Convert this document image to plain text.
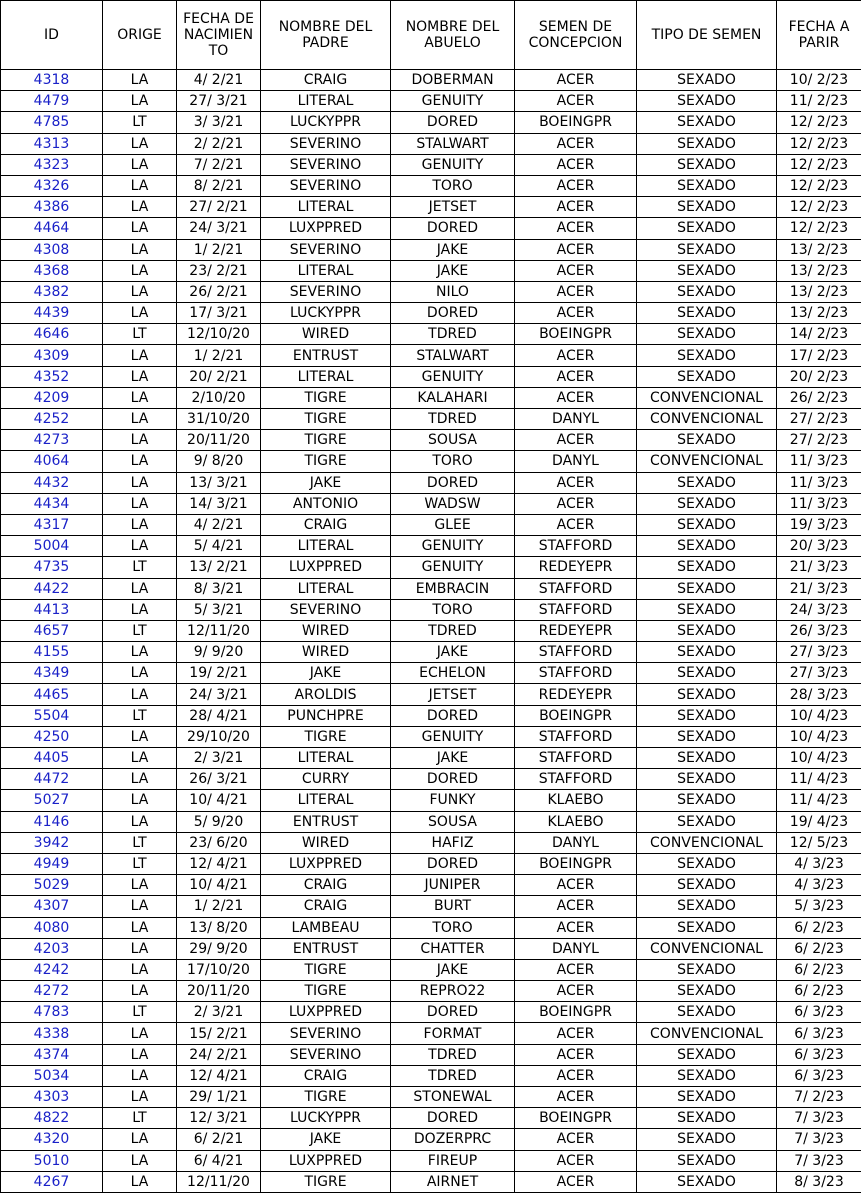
ID	ORIGE	FECHA DE NACIMIEN TO	NOMBRE DEL PADRE	NOMBRE DEL ABUELO	SEMEN DE CONCEPCION	TIPO DE SEMEN	FECHA A PARIR
4318	LA	4/ 2/21	CRAIG	DOBERMAN	ACER	SEXADO	10/ 2/23
4479	LA	27/ 3/21	LITERAL	GENUITY	ACER	SEXADO	11/ 2/23
4785	LT	3/ 3/21	LUCKYPPR	DORED	BOEINGPR	SEXADO	12/ 2/23
4313	LA	2/ 2/21	SEVERINO	STALWART	ACER	SEXADO	12/ 2/23
4323	LA	7/ 2/21	SEVERINO	GENUITY	ACER	SEXADO	12/ 2/23
4326	LA	8/ 2/21	SEVERINO	TORO	ACER	SEXADO	12/ 2/23
4386	LA	27/ 2/21	LITERAL	JETSET	ACER	SEXADO	12/ 2/23
4464	LA	24/ 3/21	LUXPPRED	DORED	ACER	SEXADO	12/ 2/23
4308	LA	1/ 2/21	SEVERINO	JAKE	ACER	SEXADO	13/ 2/23
4368	LA	23/ 2/21	LITERAL	JAKE	ACER	SEXADO	13/ 2/23
4382	LA	26/ 2/21	SEVERINO	NILO	ACER	SEXADO	13/ 2/23
4439	LA	17/ 3/21	LUCKYPPR	DORED	ACER	SEXADO	13/ 2/23
4646	LT	12/10/20	WIRED	TDRED	BOEINGPR	SEXADO	14/ 2/23
4309	LA	1/ 2/21	ENTRUST	STALWART	ACER	SEXADO	17/ 2/23
4352	LA	20/ 2/21	LITERAL	GENUITY	ACER	SEXADO	20/ 2/23
4209	LA	2/10/20	TIGRE	KALAHARI	ACER	CONVENCIONAL	26/ 2/23
4252	LA	31/10/20	TIGRE	TDRED	DANYL	CONVENCIONAL	27/ 2/23
4273	LA	20/11/20	TIGRE	SOUSA	ACER	SEXADO	27/ 2/23
4064	LA	9/ 8/20	TIGRE	TORO	DANYL	CONVENCIONAL	11/ 3/23
4432	LA	13/ 3/21	JAKE	DORED	ACER	SEXADO	11/ 3/23
4434	LA	14/ 3/21	ANTONIO	WADSW	ACER	SEXADO	11/ 3/23
4317	LA	4/ 2/21	CRAIG	GLEE	ACER	SEXADO	19/ 3/23
5004	LA	5/ 4/21	LITERAL	GENUITY	STAFFORD	SEXADO	20/ 3/23
4735	LT	13/ 2/21	LUXPPRED	GENUITY	REDEYEPR	SEXADO	21/ 3/23
4422	LA	8/ 3/21	LITERAL	EMBRACIN	STAFFORD	SEXADO	21/ 3/23
4413	LA	5/ 3/21	SEVERINO	TORO	STAFFORD	SEXADO	24/ 3/23
4657	LT	12/11/20	WIRED	TDRED	REDEYEPR	SEXADO	26/ 3/23
4155	LA	9/ 9/20	WIRED	JAKE	STAFFORD	SEXADO	27/ 3/23
4349	LA	19/ 2/21	JAKE	ECHELON	STAFFORD	SEXADO	27/ 3/23
4465	LA	24/ 3/21	AROLDIS	JETSET	REDEYEPR	SEXADO	28/ 3/23
5504	LT	28/ 4/21	PUNCHPRE	DORED	BOEINGPR	SEXADO	10/ 4/23
4250	LA	29/10/20	TIGRE	GENUITY	STAFFORD	SEXADO	10/ 4/23
4405	LA	2/ 3/21	LITERAL	JAKE	STAFFORD	SEXADO	10/ 4/23
4472	LA	26/ 3/21	CURRY	DORED	STAFFORD	SEXADO	11/ 4/23
5027	LA	10/ 4/21	LITERAL	FUNKY	KLAEBO	SEXADO	11/ 4/23
4146	LA	5/ 9/20	ENTRUST	SOUSA	KLAEBO	SEXADO	19/ 4/23
3942	LT	23/ 6/20	WIRED	HAFIZ	DANYL	CONVENCIONAL	12/ 5/23
4949	LT	12/ 4/21	LUXPPRED	DORED	BOEINGPR	SEXADO	4/ 3/23
5029	LA	10/ 4/21	CRAIG	JUNIPER	ACER	SEXADO	4/ 3/23
4307	LA	1/ 2/21	CRAIG	BURT	ACER	SEXADO	5/ 3/23
4080	LA	13/ 8/20	LAMBEAU	TORO	ACER	SEXADO	6/ 2/23
4203	LA	29/ 9/20	ENTRUST	CHATTER	DANYL	CONVENCIONAL	6/ 2/23
4242	LA	17/10/20	TIGRE	JAKE	ACER	SEXADO	6/ 2/23
4272	LA	20/11/20	TIGRE	REPRO22	ACER	SEXADO	6/ 2/23
4783	LT	2/ 3/21	LUXPPRED	DORED	BOEINGPR	SEXADO	6/ 3/23
4338	LA	15/ 2/21	SEVERINO	FORMAT	ACER	CONVENCIONAL	6/ 3/23
4374	LA	24/ 2/21	SEVERINO	TDRED	ACER	SEXADO	6/ 3/23
5034	LA	12/ 4/21	CRAIG	TDRED	ACER	SEXADO	6/ 3/23
4303	LA	29/ 1/21	TIGRE	STONEWAL	ACER	SEXADO	7/ 2/23
4822	LT	12/ 3/21	LUCKYPPR	DORED	BOEINGPR	SEXADO	7/ 3/23
4320	LA	6/ 2/21	JAKE	DOZERPRC	ACER	SEXADO	7/ 3/23
5010	LA	6/ 4/21	LUXPPRED	FIREUP	ACER	SEXADO	7/ 3/23
4267	LA	12/11/20	TIGRE	AIRNET	ACER	SEXADO	8/ 3/23
